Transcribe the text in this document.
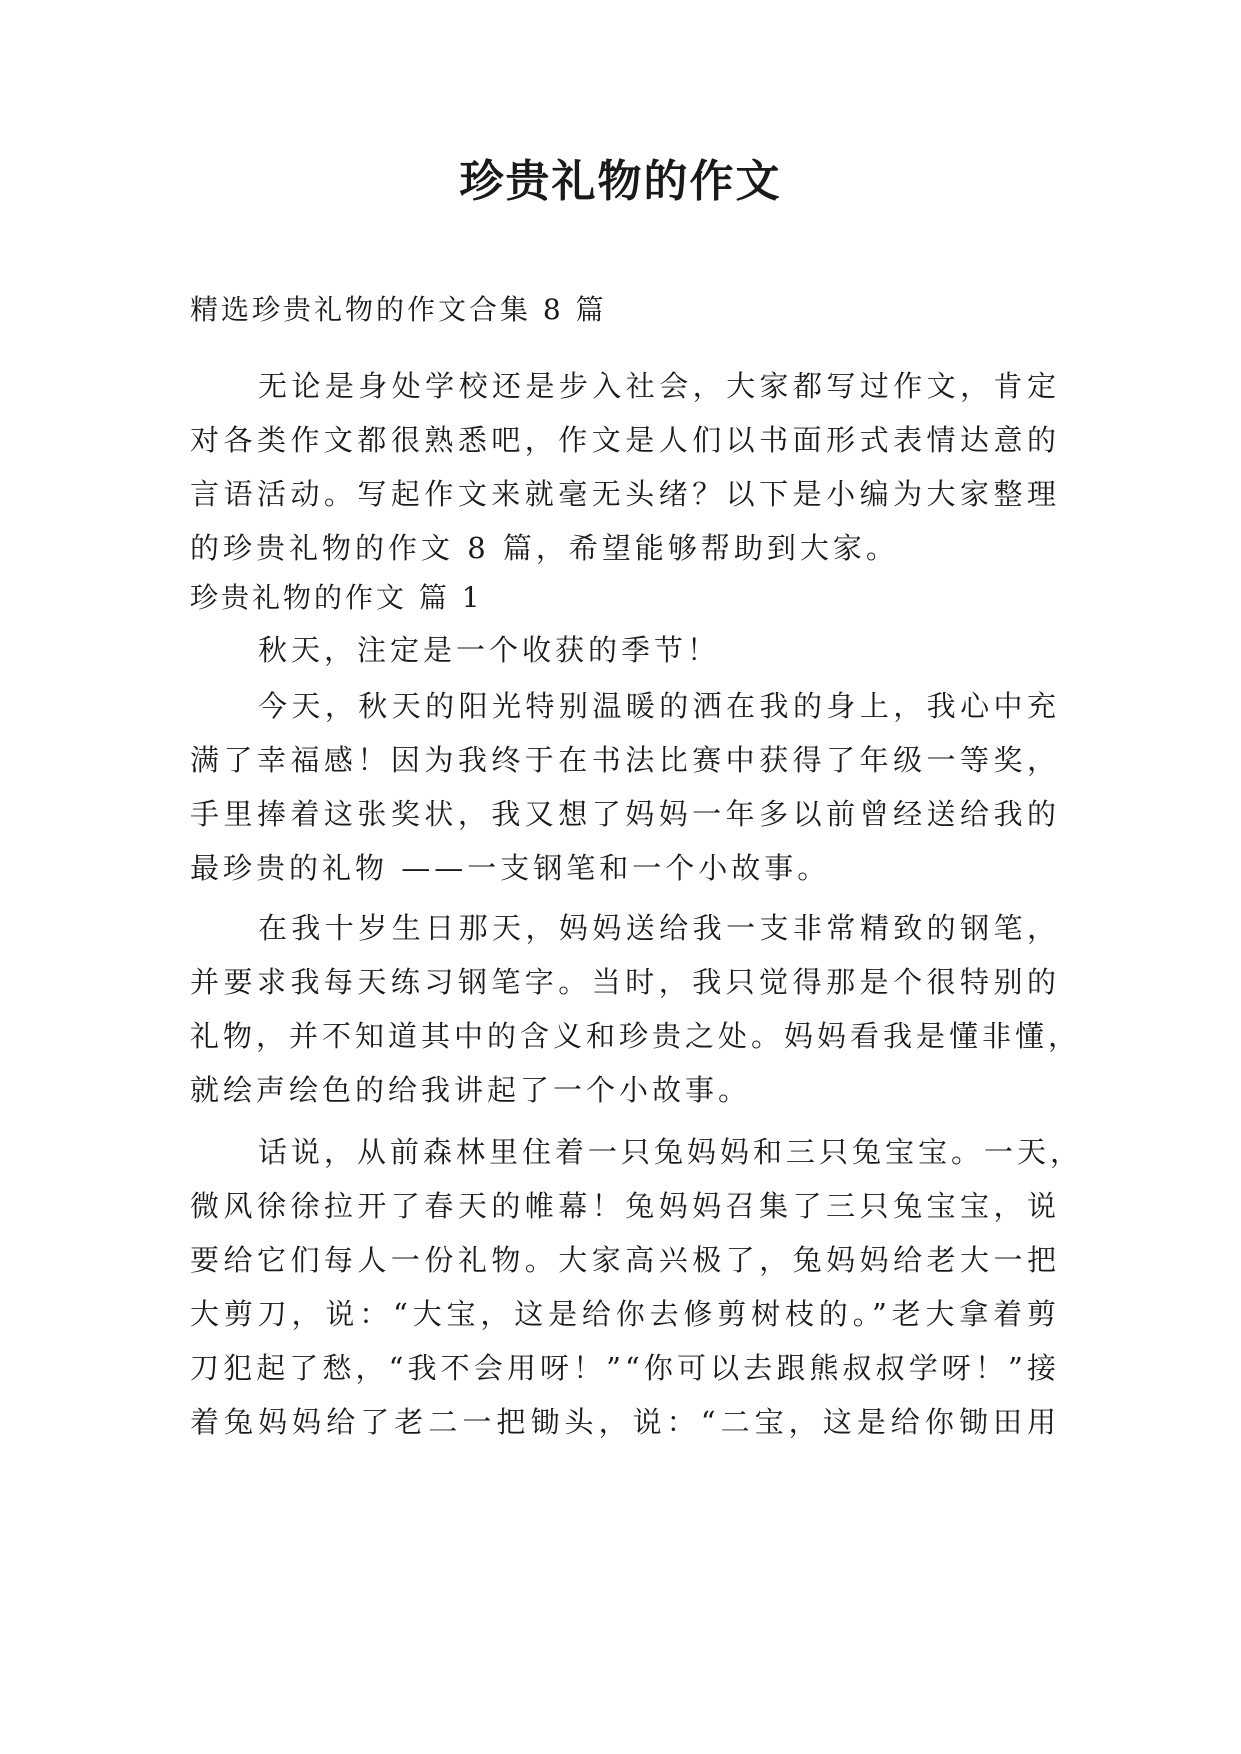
珍贵礼物的作文
精选珍贵礼物的作文合集 8 篇
无论是身处学校还是步入社会，大家都写过作文，肯定
对各类作文都很熟悉吧，作文是人们以书面形式表情达意的
言语活动。写起作文来就毫无头绪？以下是小编为大家整理
的珍贵礼物的作文 8 篇，希望能够帮助到大家。
珍贵礼物的作文 篇 1
秋天，注定是一个收获的季节！
今天，秋天的阳光特别温暖的洒在我的身上，我心中充
满了幸福感！因为我终于在书法比赛中获得了年级一等奖，
手里捧着这张奖状，我又想了妈妈一年多以前曾经送给我的
最珍贵的礼物 ——一支钢笔和一个小故事。
在我十岁生日那天，妈妈送给我一支非常精致的钢笔，
并要求我每天练习钢笔字。当时，我只觉得那是个很特别的
礼物，并不知道其中的含义和珍贵之处。妈妈看我是懂非懂，
就绘声绘色的给我讲起了一个小故事。
话说，从前森林里住着一只兔妈妈和三只兔宝宝。一天，
微风徐徐拉开了春天的帷幕！兔妈妈召集了三只兔宝宝，说
要给它们每人一份礼物。大家高兴极了，兔妈妈给老大一把
大剪刀，说：“大宝，这是给你去修剪树枝的。”老大拿着剪
刀犯起了愁，“我不会用呀！”“你可以去跟熊叔叔学呀！”接
着兔妈妈给了老二一把锄头，说：“二宝，这是给你锄田用
